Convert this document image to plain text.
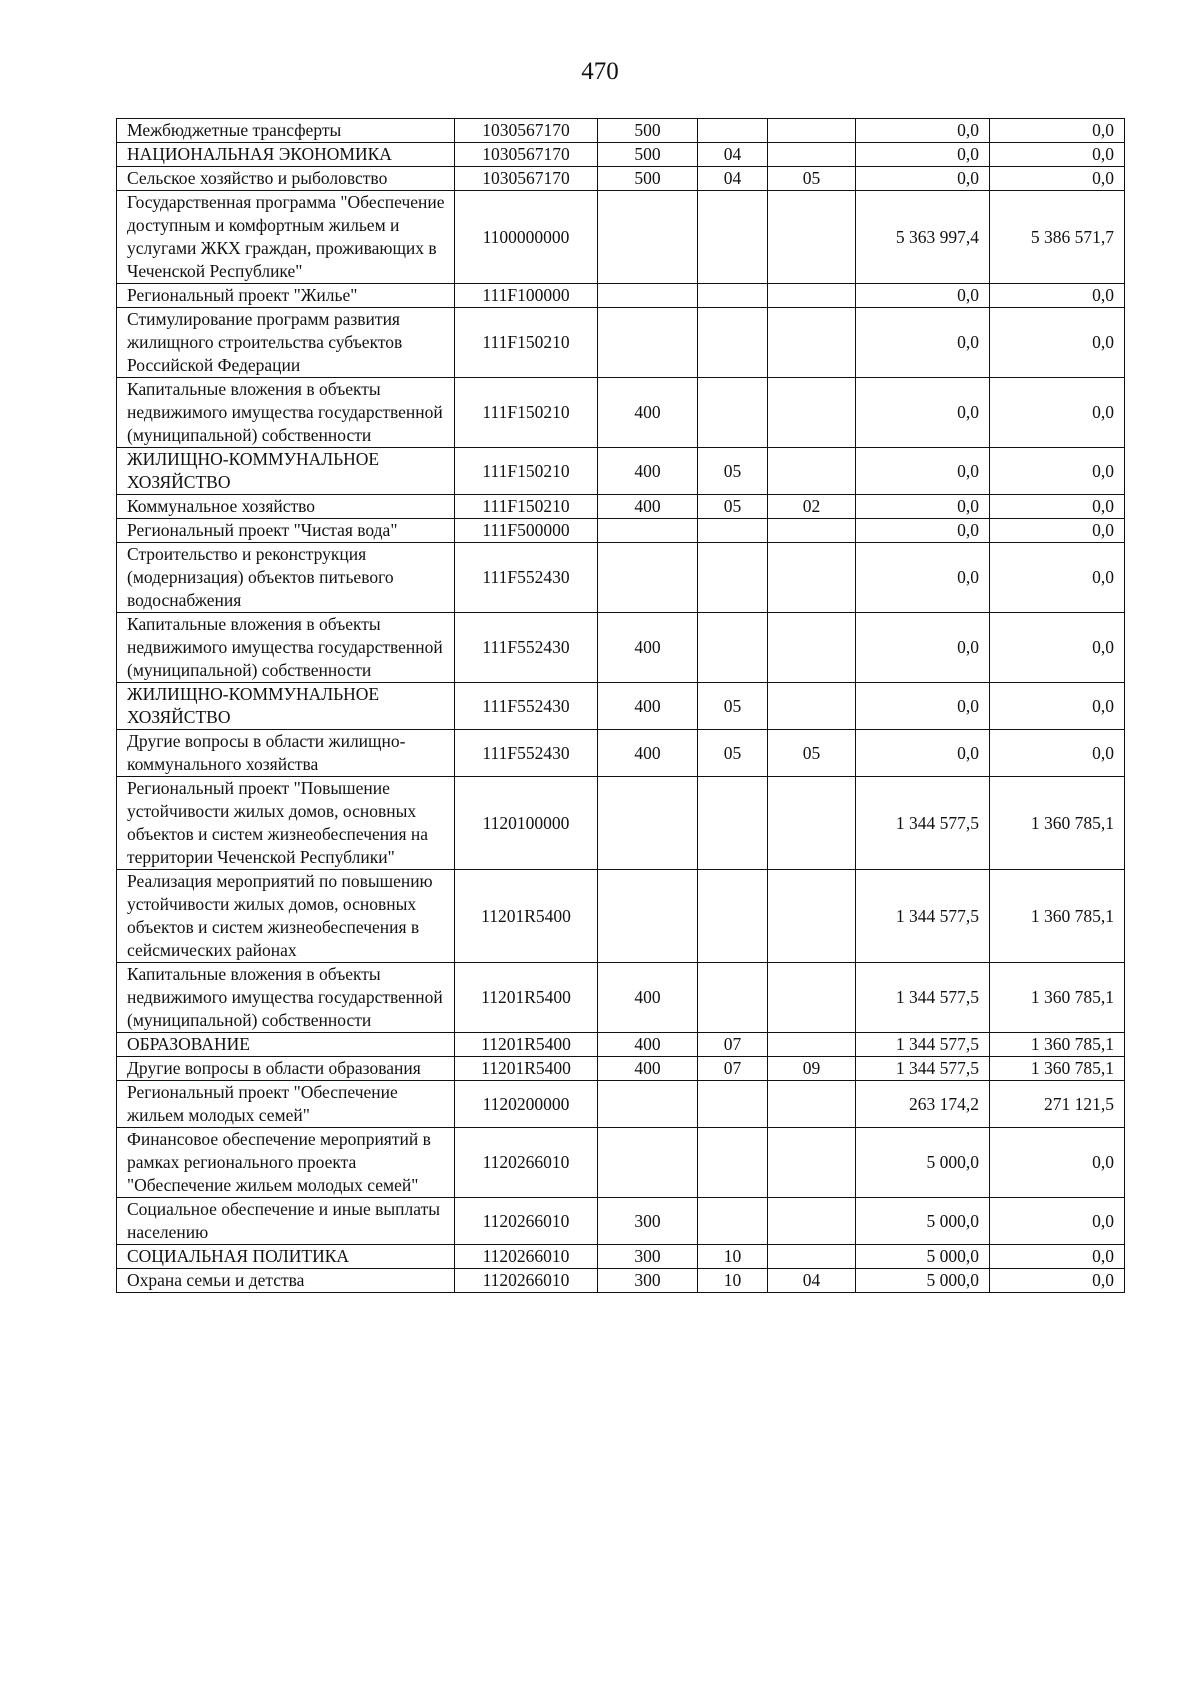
470
Межбюджетные трансферты	1030567170	500			0,0	0,0
НАЦИОНАЛЬНАЯ ЭКОНОМИКА	1030567170	500	04		0,0	0,0
Сельское хозяйство и рыболовство	1030567170	500	04	05	0,0	0,0
Государственная программа "Обеспечение доступным и комфортным жильем и услугами ЖКХ граждан, проживающих в Чеченской Республике"	1100000000				5 363 997,4	5 386 571,7
Региональный проект "Жилье"	111F100000				0,0	0,0
Стимулирование программ развития жилищного строительства субъектов Российской Федерации	111F150210				0,0	0,0
Капитальные вложения в объекты недвижимого имущества государственной (муниципальной) собственности	111F150210	400			0,0	0,0
ЖИЛИЩНО-КОММУНАЛЬНОЕ ХОЗЯЙСТВО	111F150210	400	05		0,0	0,0
Коммунальное хозяйство	111F150210	400	05	02	0,0	0,0
Региональный проект "Чистая вода"	111F500000				0,0	0,0
Строительство и реконструкция (модернизация) объектов питьевого водоснабжения	111F552430				0,0	0,0
Капитальные вложения в объекты недвижимого имущества государственной (муниципальной) собственности	111F552430	400			0,0	0,0
ЖИЛИЩНО-КОММУНАЛЬНОЕ ХОЗЯЙСТВО	111F552430	400	05		0,0	0,0
Другие вопросы в области жилищно-коммунального хозяйства	111F552430	400	05	05	0,0	0,0
Региональный проект "Повышение устойчивости жилых домов, основных объектов и систем жизнеобеспечения на территории Чеченской Республики"	1120100000				1 344 577,5	1 360 785,1
Реализация мероприятий по повышению устойчивости жилых домов, основных объектов и систем жизнеобеспечения в сейсмических районах	11201R5400				1 344 577,5	1 360 785,1
Капитальные вложения в объекты недвижимого имущества государственной (муниципальной) собственности	11201R5400	400			1 344 577,5	1 360 785,1
ОБРАЗОВАНИЕ	11201R5400	400	07		1 344 577,5	1 360 785,1
Другие вопросы в области образования	11201R5400	400	07	09	1 344 577,5	1 360 785,1
Региональный проект "Обеспечение жильем молодых семей"	1120200000				263 174,2	271 121,5
Финансовое обеспечение мероприятий в рамках регионального проекта "Обеспечение жильем молодых семей"	1120266010				5 000,0	0,0
Социальное обеспечение и иные выплаты населению	1120266010	300			5 000,0	0,0
СОЦИАЛЬНАЯ ПОЛИТИКА	1120266010	300	10		5 000,0	0,0
Охрана семьи и детства	1120266010	300	10	04	5 000,0	0,0
